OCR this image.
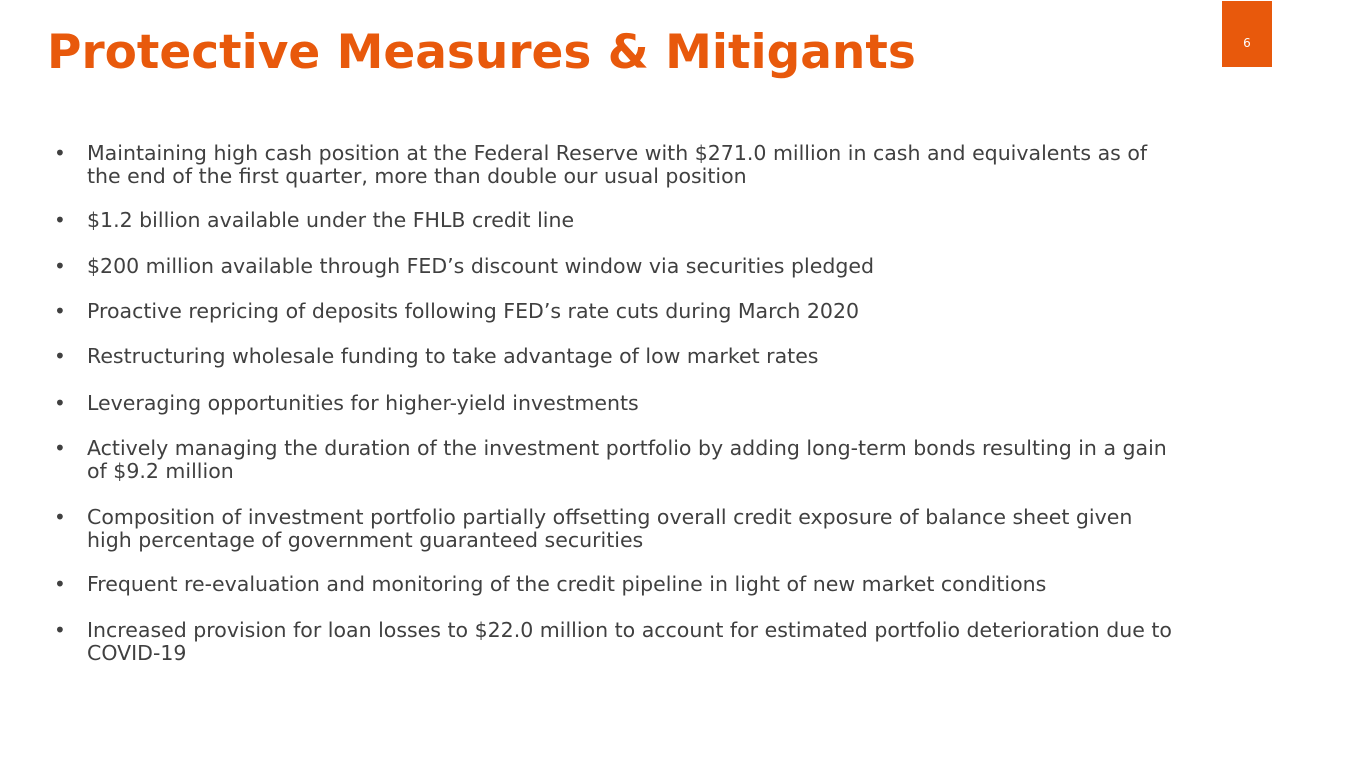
Protective Measures & Mitigants	6
•	Maintaining high cash position at the Federal Reserve with $271.0 million in cash and equivalents as of
the end of the first quarter, more than double our usual position
•	$1.2 billion available under the FHLB credit line
•	$200 million available through FED’s discount window via securities pledged
•	Proactive repricing of deposits following FED’s rate cuts during March 2020
•	Restructuring wholesale funding to take advantage of low market rates
•	Leveraging opportunities for higher-yield investments
•	Actively managing the duration of the investment portfolio by adding long-term bonds resulting in a gain
of $9.2 million
•	Composition of investment portfolio partially offsetting overall credit exposure of balance sheet given
high percentage of government guaranteed securities
•	Frequent re-evaluation and monitoring of the credit pipeline in light of new market conditions
•	Increased provision for loan losses to $22.0 million to account for estimated portfolio deterioration due to
COVID-19
